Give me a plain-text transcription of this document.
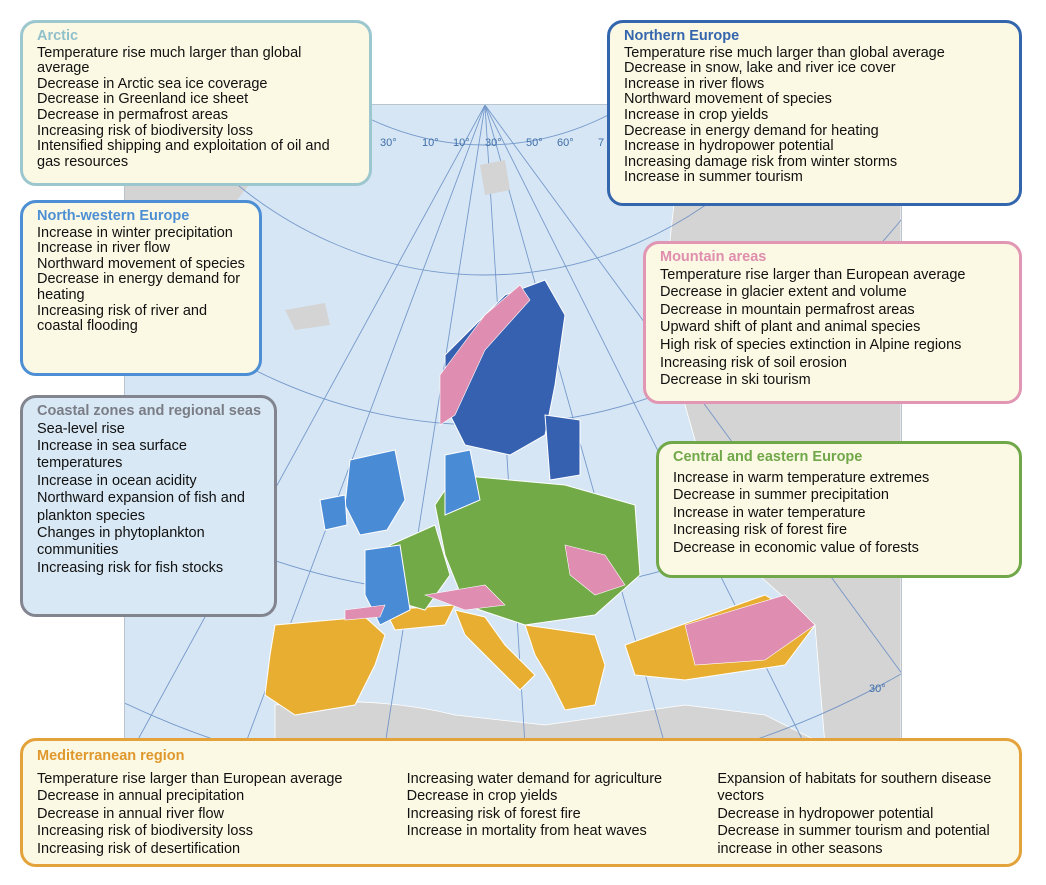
30° 10° 10° 30° 50° 60° 7
30°
Arctic
Temperature rise much larger than global average
Decrease in Arctic sea ice coverage
Decrease in Greenland ice sheet
Decrease in permafrost areas
Increasing risk of biodiversity loss
Intensified shipping and exploitation of oil and gas resources
Northern Europe
Temperature rise much larger than global average
Decrease in snow, lake and river ice cover
Increase in river flows
Northward movement of species
Increase in crop yields
Decrease in energy demand for heating
Increase in hydropower potential
Increasing damage risk from winter storms
Increase in summer tourism
North-western Europe
Increase in winter precipitation
Increase in river flow
Northward movement of species
Decrease in energy demand for heating
Increasing risk of river and coastal flooding
Coastal zones and regional seas
Sea-level rise
Increase in sea surface temperatures
Increase in ocean acidity
Northward expansion of fish and plankton species
Changes in phytoplankton communities
Increasing risk for fish stocks
Mountain areas
Temperature rise larger than European average
Decrease in glacier extent and volume
Decrease in mountain permafrost areas
Upward shift of plant and animal species
High risk of species extinction in Alpine regions
Increasing risk of soil erosion
Decrease in ski tourism
Central and eastern Europe
Increase in warm temperature extremes
Decrease in summer precipitation
Increase in water temperature
Increasing risk of forest fire
Decrease in economic value of forests
Mediterranean region
Temperature rise larger than European average
Decrease in annual precipitation
Decrease in annual river flow
Increasing risk of biodiversity loss
Increasing risk of desertification
Increasing water demand for agriculture
Decrease in crop yields
Increasing risk of forest fire
Increase in mortality from heat waves
Expansion of habitats for southern disease vectors
Decrease in hydropower potential
Decrease in summer tourism and potential increase in other seasons
